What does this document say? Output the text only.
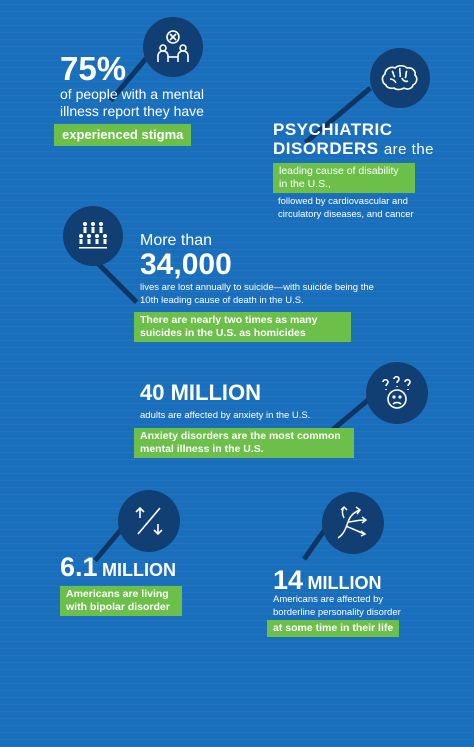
75%
of people with a mental illness report they have
experienced stigma	PSYCHIATRIC
DISORDERS are the
leading cause of disability in the U.S.,
followed by cardiovascular and circulatory diseases, and cancer
More than
34,000
lives are lost annually to suicide—with suicide being the 10th leading cause of death in the U.S.
There are nearly two times as many suicides in the U.S. as homicides
40 MILLION
adults are affected by anxiety in the U.S.
Anxiety disorders are the most common mental illness in the U.S.
6.1 MILLION
Americans are living with bipolar disorder
14 MILLION
Americans are affected by borderline personality disorder
at some time in their life
